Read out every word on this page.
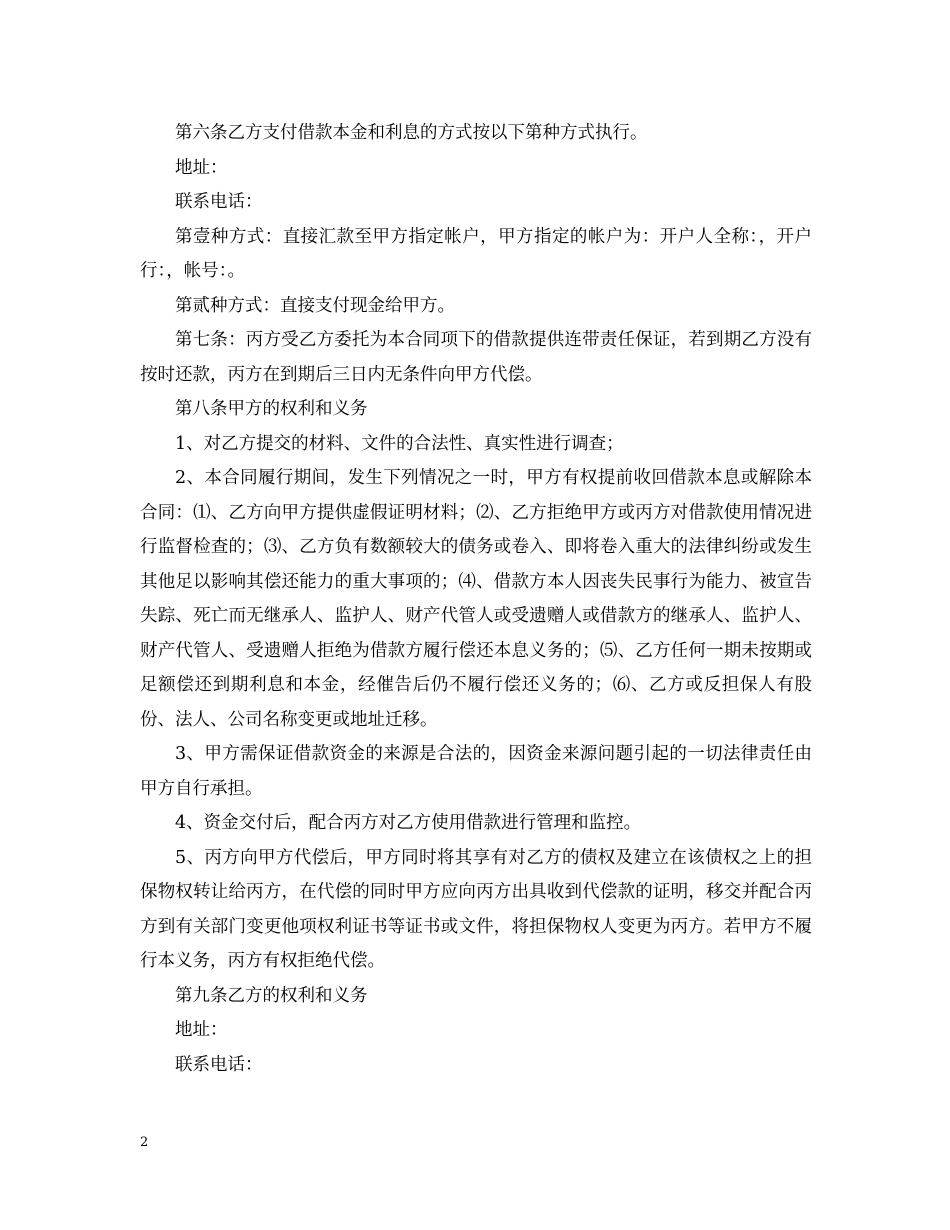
第六条乙方支付借款本金和利息的方式按以下第种方式执行。

地址：

联系电话：

第壹种方式：直接汇款至甲方指定帐户，甲方指定的帐户为：开户人全称：，开户行：，帐号：。

第贰种方式：直接支付现金给甲方。

第七条：丙方受乙方委托为本合同项下的借款提供连带责任保证，若到期乙方没有按时还款，丙方在到期后三日内无条件向甲方代偿。

第八条甲方的权利和义务

1、对乙方提交的材料、文件的合法性、真实性进行调查；

2、本合同履行期间，发生下列情况之一时，甲方有权提前收回借款本息或解除本合同：⑴、乙方向甲方提供虚假证明材料；⑵、乙方拒绝甲方或丙方对借款使用情况进行监督检查的；⑶、乙方负有数额较大的债务或卷入、即将卷入重大的法律纠纷或发生其他足以影响其偿还能力的重大事项的；⑷、借款方本人因丧失民事行为能力、被宣告失踪、死亡而无继承人、监护人、财产代管人或受遗赠人或借款方的继承人、监护人、财产代管人、受遗赠人拒绝为借款方履行偿还本息义务的；⑸、乙方任何一期未按期或足额偿还到期利息和本金，经催告后仍不履行偿还义务的；⑹、乙方或反担保人有股份、法人、公司名称变更或地址迁移。

3、甲方需保证借款资金的来源是合法的，因资金来源问题引起的一切法律责任由甲方自行承担。

4、资金交付后，配合丙方对乙方使用借款进行管理和监控。

5、丙方向甲方代偿后，甲方同时将其享有对乙方的债权及建立在该债权之上的担保物权转让给丙方，在代偿的同时甲方应向丙方出具收到代偿款的证明，移交并配合丙方到有关部门变更他项权利证书等证书或文件，将担保物权人变更为丙方。若甲方不履行本义务，丙方有权拒绝代偿。

第九条乙方的权利和义务

地址：

联系电话：

2
